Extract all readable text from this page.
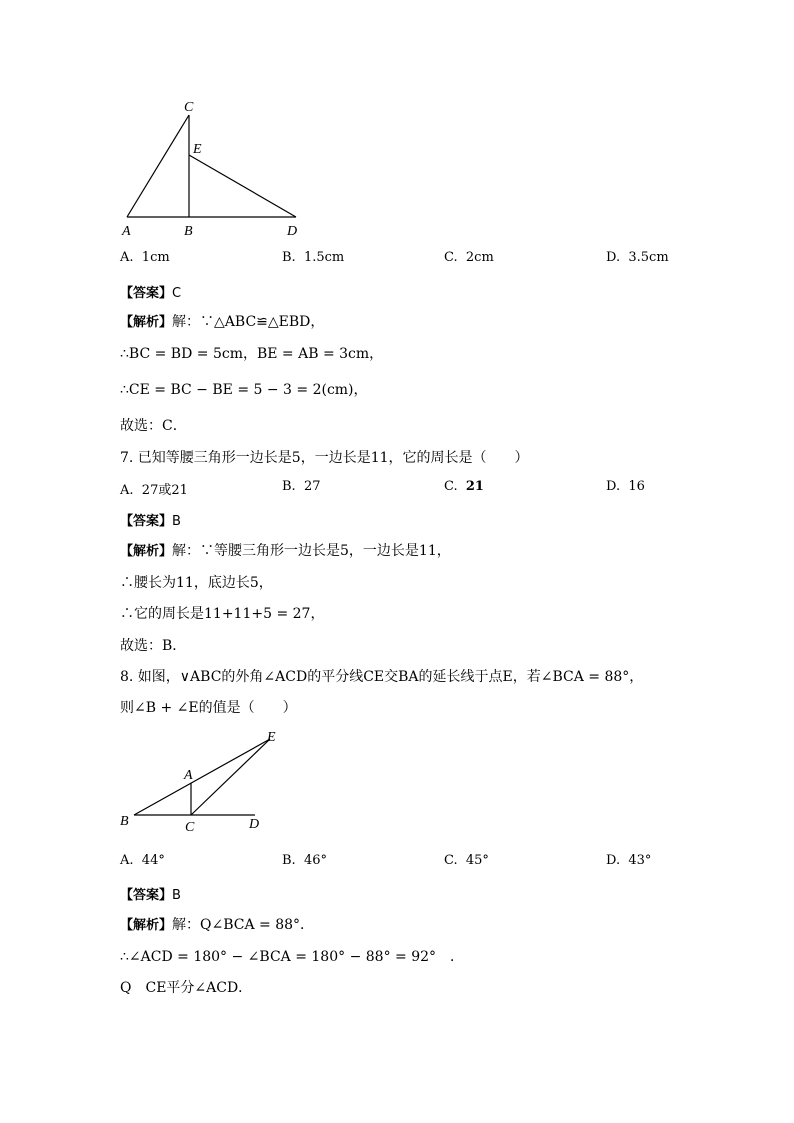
C
E
A	B	D
A. 1cm	B. 1.5cm	C. 2cm	D. 3.5cm
【答案】C
【解析】解：∵△ABC≌△EBD，
∴BC = BD = 5cm，BE = AB = 3cm，
∴CE = BC − BE = 5 − 3 = 2(cm)，
故选：C．
7. 已知等腰三角形一边长是5，一边长是11，它的周长是（　　）
A. 27或21	B. 27	C. 21	D. 16
【答案】B
【解析】解：∵等腰三角形一边长是5，一边长是11，
∴腰长为11，底边长5，
∴它的周长是11+11+5 = 27，
故选：B．
8. 如图，∨ABC的外角∠ACD的平分线CE交BA的延长线于点E，若∠BCA = 88°，
则∠B + ∠E的值是（　　）
E
A
B	C	D
A. 44°	B. 46°	C. 45°	D. 43°
【答案】B
【解析】解：Q∠BCA = 88°．
∴∠ACD = 180° − ∠BCA = 180° − 88° = 92°　．
Q　CE平分∠ACD．
